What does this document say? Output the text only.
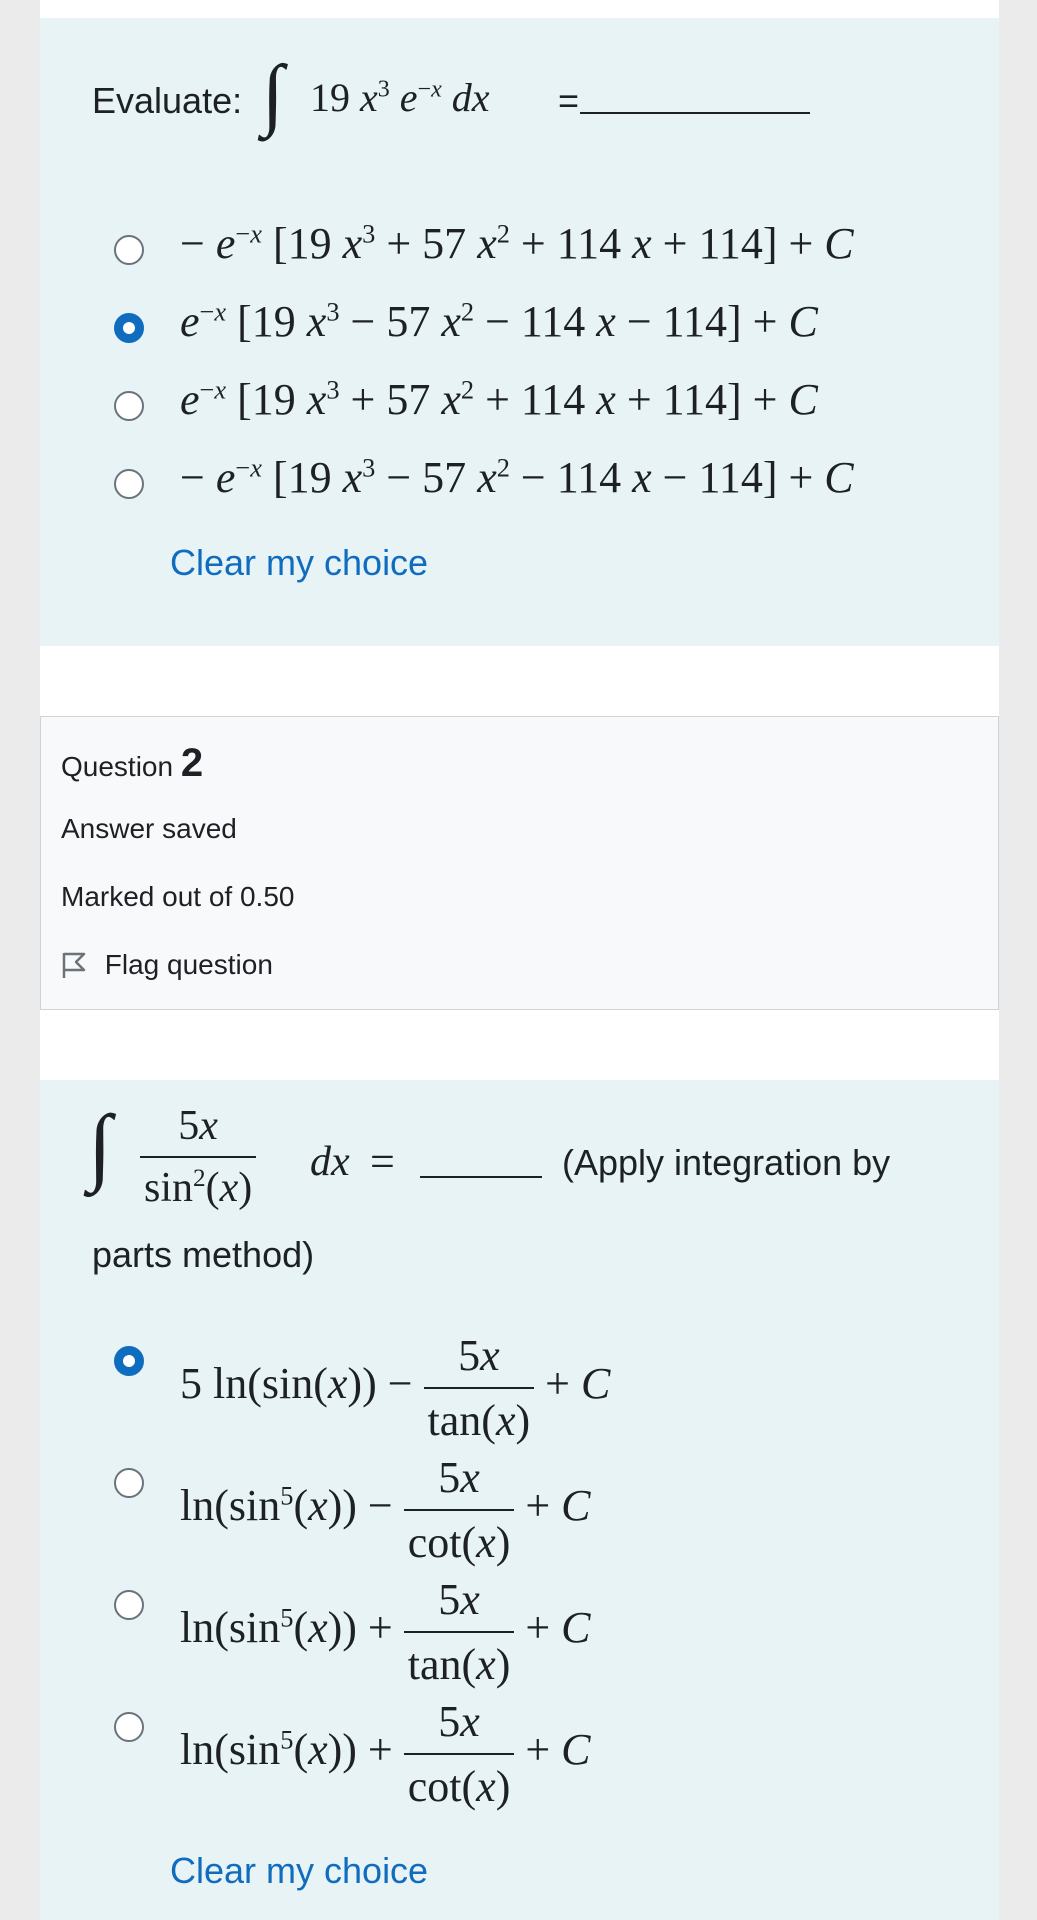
Evaluate: ∫ 19 $x^3$ $e^{-x}$ dx =
− $e^{-x}$ [19 $x^3 + 57$ $x^2 + 114$ x + 114] + C
$e^{-x}$ [19 $x^3 - 57$ $x^2 - 114$ x − 114] + C
$e^{-x}$ [19 $x^3 + 57$ $x^2 + 114$ x + 114] + C
− $e^{-x}$ [19 $x^3 - 57$ $x^2 - 114$ x − 114] + C
Clear my choice
Question 2
Answer saved
Marked out of 0.50
Flag question
∫ $\frac{5x}{\sin^2(x)}$ dx =	(Apply integration by
parts method)
5 $\ln(\sin(x)) - \frac{5x}{\tan(x)} + C$
$\ln(\sin^5(x)) - \frac{5x}{\cot(x)} + C$
$\ln(\sin^5(x)) + \frac{5x}{\tan(x)} + C$
$\ln(\sin^5(x)) + \frac{5x}{\cot(x)} + C$
Clear my choice
